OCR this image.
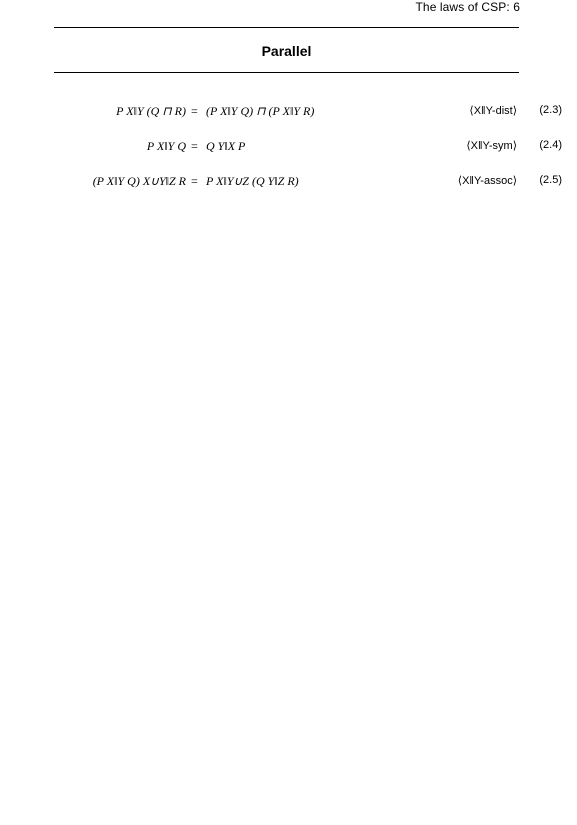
The laws of CSP: 6
Parallel
P X‖Y (Q ⊓ R) = (P X‖Y Q) ⊓ (P X‖Y R)	⟨X‖Y-dist⟩ (2.3)
P X‖Y Q = Q Y‖X P	⟨X‖Y-sym⟩ (2.4)
(P X‖Y Q) X∪Y‖Z R = P X‖Y∪Z (Q Y‖Z R)	⟨X‖Y-assoc⟩ (2.5)
